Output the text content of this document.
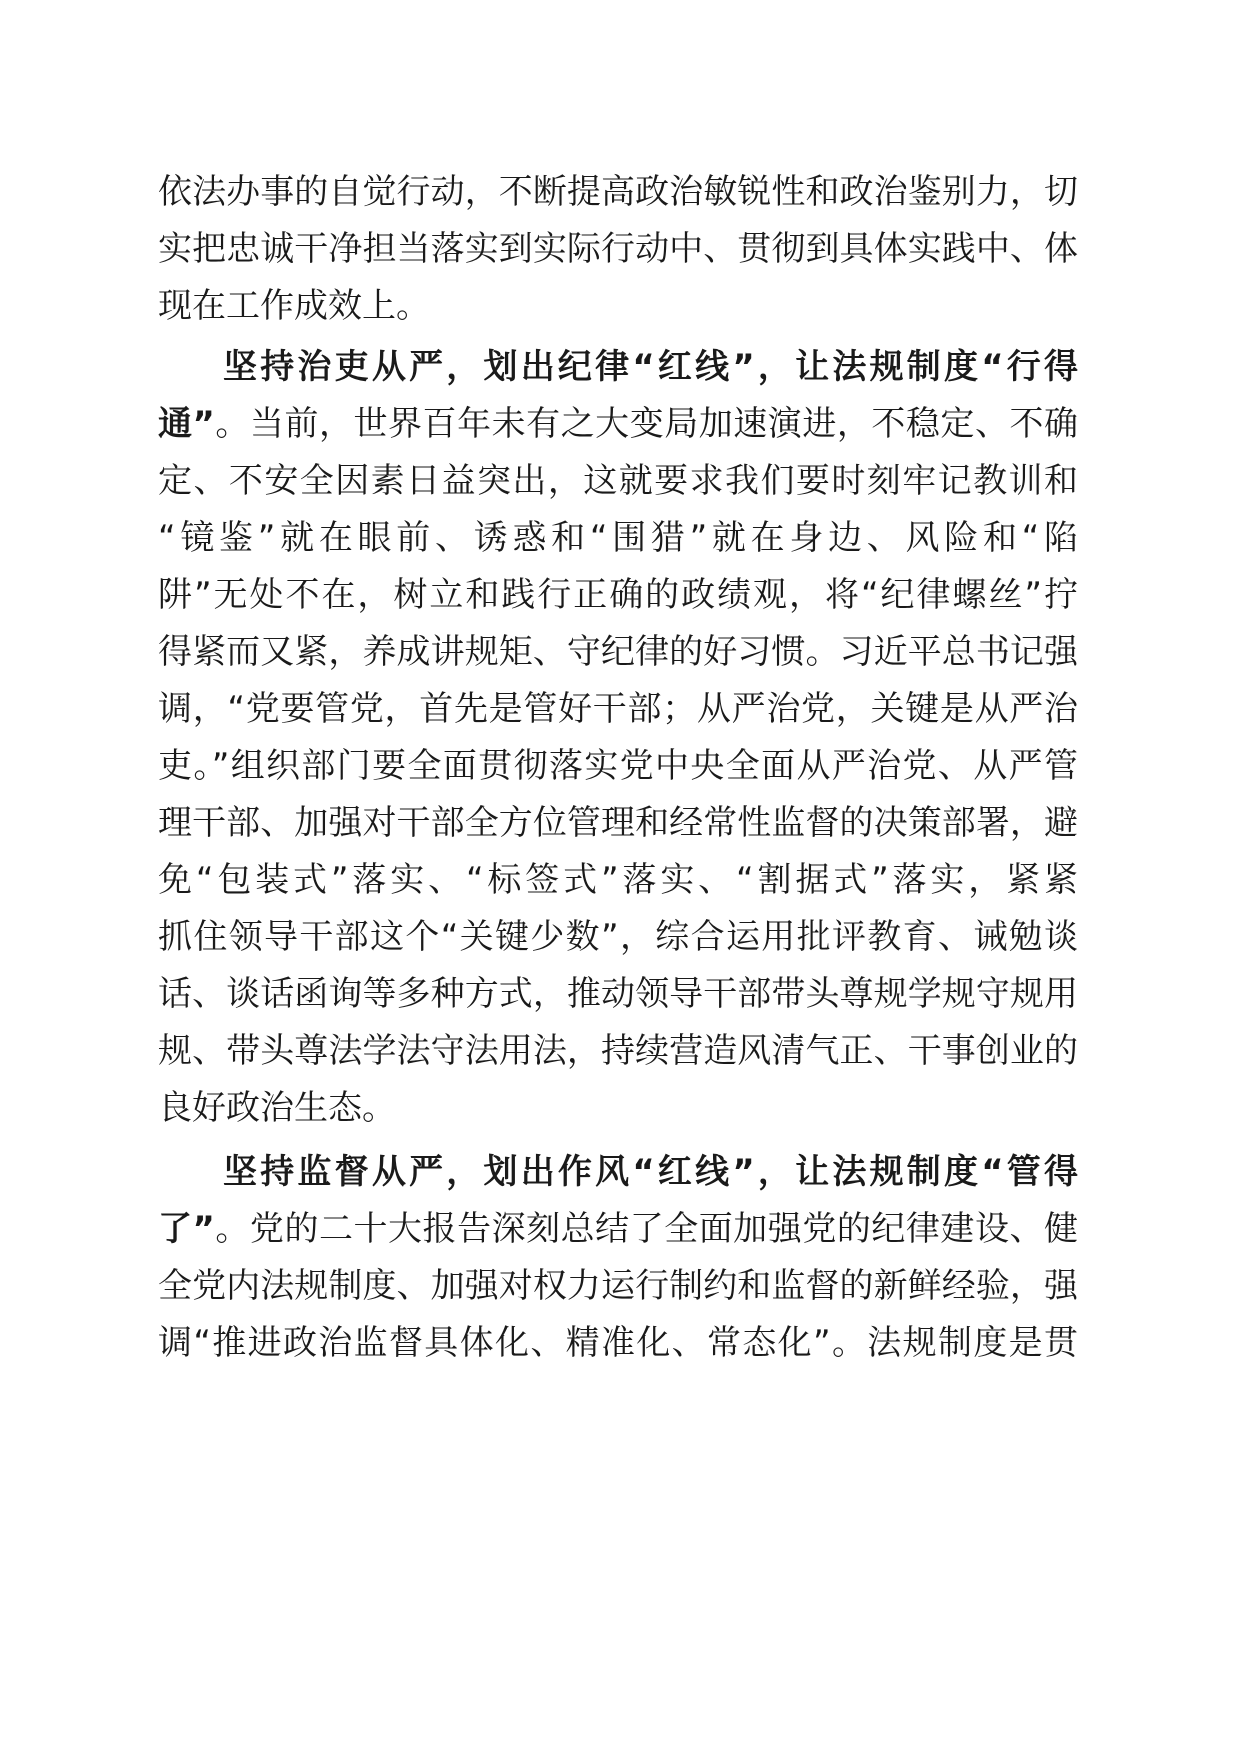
依法办事的自觉行动，不断提高政治敏锐性和政治鉴别力，切
实把忠诚干净担当落实到实际行动中、贯彻到具体实践中、体
现在工作成效上。
坚持治吏从严，划出纪律“红线”，让法规制度“行得
通”。当前，世界百年未有之大变局加速演进，不稳定、不确
定、不安全因素日益突出，这就要求我们要时刻牢记教训和
“镜鉴”就在眼前、诱惑和“围猎”就在身边、风险和“陷
阱”无处不在，树立和践行正确的政绩观，将“纪律螺丝”拧
得紧而又紧，养成讲规矩、守纪律的好习惯。习近平总书记强
调，“党要管党，首先是管好干部；从严治党，关键是从严治
吏。”组织部门要全面贯彻落实党中央全面从严治党、从严管
理干部、加强对干部全方位管理和经常性监督的决策部署，避
免“包装式”落实、“标签式”落实、“割据式”落实，紧紧
抓住领导干部这个“关键少数”，综合运用批评教育、诫勉谈
话、谈话函询等多种方式，推动领导干部带头尊规学规守规用
规、带头尊法学法守法用法，持续营造风清气正、干事创业的
良好政治生态。
坚持监督从严，划出作风“红线”，让法规制度“管得
了”。党的二十大报告深刻总结了全面加强党的纪律建设、健
全党内法规制度、加强对权力运行制约和监督的新鲜经验，强
调“推进政治监督具体化、精准化、常态化”。法规制度是贯
